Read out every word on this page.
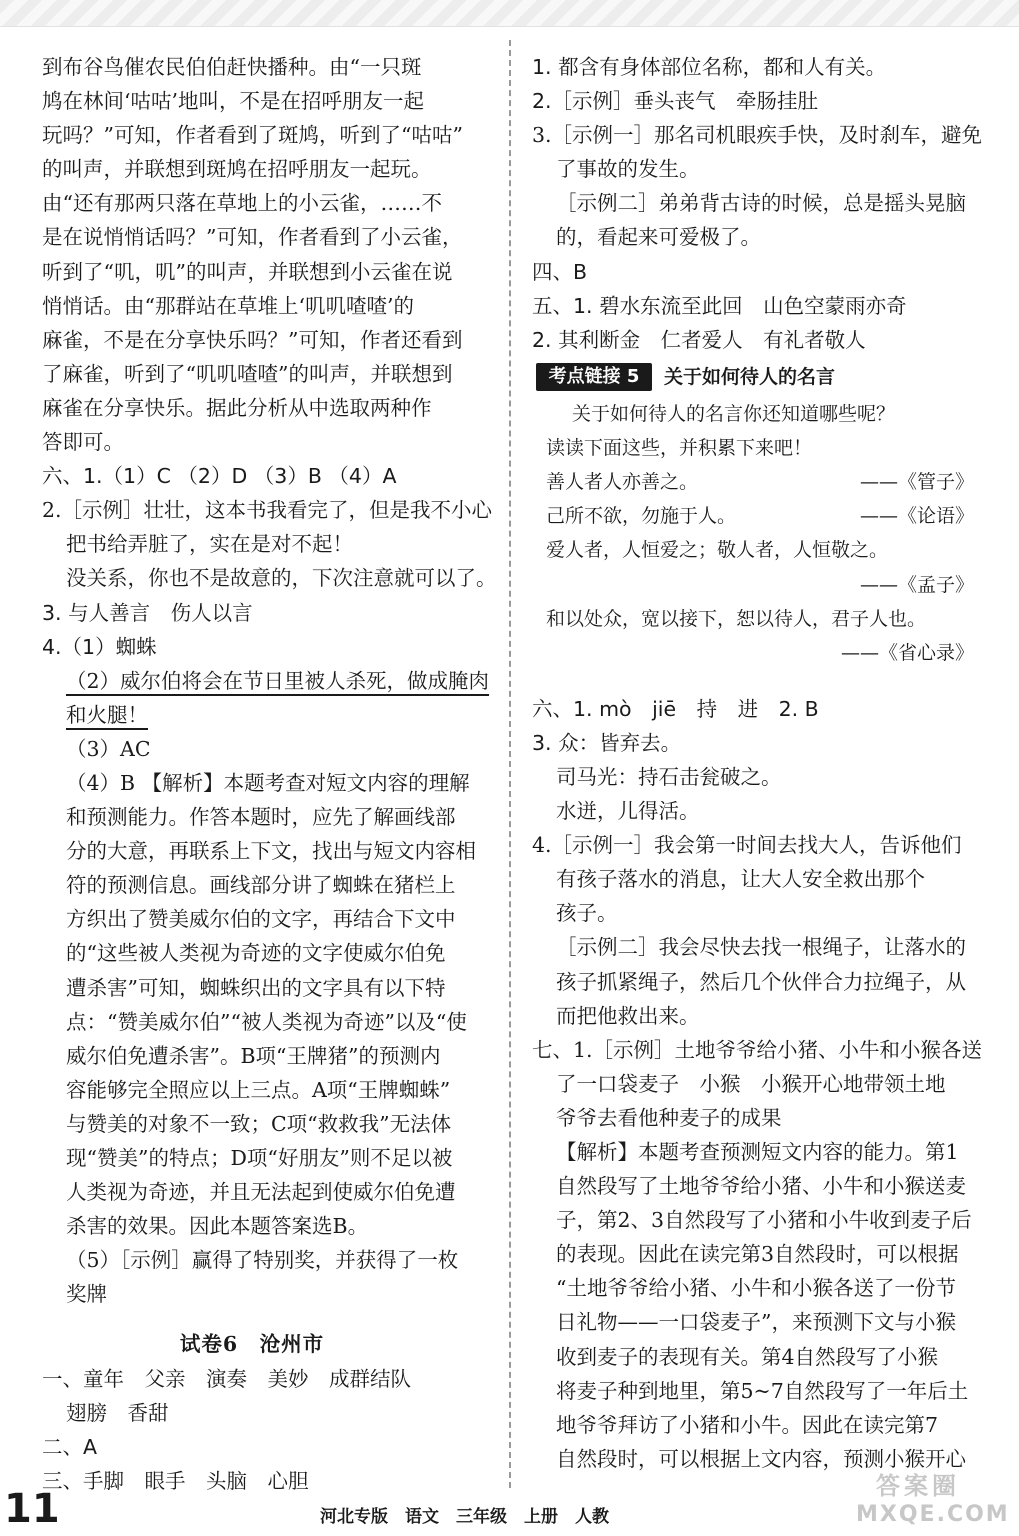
到布谷鸟催农民伯伯赶快播种。由“一只斑

鸠在林间‘咕咕’地叫，不是在招呼朋友一起

玩吗？”可知，作者看到了斑鸠，听到了“咕咕”

的叫声，并联想到斑鸠在招呼朋友一起玩。

由“还有那两只落在草地上的小云雀，……不

是在说悄悄话吗？”可知，作者看到了小云雀，

听到了“叽，叽”的叫声，并联想到小云雀在说

悄悄话。由“那群站在草堆上‘叽叽喳喳’的

麻雀，不是在分享快乐吗？”可知，作者还看到

了麻雀，听到了“叽叽喳喳”的叫声，并联想到

麻雀在分享快乐。据此分析从中选取两种作

答即可。

六、1.（1）C （2）D （3）B （4）A

2.［示例］壮壮，这本书我看完了，但是我不小心

把书给弄脏了，实在是对不起！

没关系，你也不是故意的，下次注意就可以了。

3. 与人善言　伤人以言

4.（1）蜘蛛

（2）威尔伯将会在节日里被人杀死，做成腌肉

和火腿！

（3）AC

（4）B 【解析】本题考查对短文内容的理解

和预测能力。作答本题时，应先了解画线部

分的大意，再联系上下文，找出与短文内容相

符的预测信息。画线部分讲了蜘蛛在猪栏上

方织出了赞美威尔伯的文字，再结合下文中

的“这些被人类视为奇迹的文字使威尔伯免

遭杀害”可知，蜘蛛织出的文字具有以下特

点：“赞美威尔伯”“被人类视为奇迹”以及“使

威尔伯免遭杀害”。B项“王牌猪”的预测内

容能够完全照应以上三点。A项“王牌蜘蛛”

与赞美的对象不一致；C项“救救我”无法体

现“赞美”的特点；D项“好朋友”则不足以被

人类视为奇迹，并且无法起到使威尔伯免遭

杀害的效果。因此本题答案选B。

（5）［示例］赢得了特别奖，并获得了一枚

奖牌

试卷6　沧州市

一、童年　父亲　演奏　美妙　成群结队

翅膀　香甜

二、A

三、手脚　眼手　头脑　心胆

1. 都含有身体部位名称，都和人有关。

2.［示例］垂头丧气　牵肠挂肚

3.［示例一］那名司机眼疾手快，及时刹车，避免

了事故的发生。

［示例二］弟弟背古诗的时候，总是摇头晃脑

的，看起来可爱极了。

四、B

五、1. 碧水东流至此回　山色空蒙雨亦奇

2. 其利断金　仁者爱人　有礼者敬人

考点链接 5	关于如何待人的名言

关于如何待人的名言你还知道哪些呢？

读读下面这些，并积累下来吧！

善人者人亦善之。	——《管子》

己所不欲，勿施于人。	——《论语》

爱人者，人恒爱之；敬人者，人恒敬之。

——《孟子》

和以处众，宽以接下，恕以待人，君子人也。

——《省心录》

六、1. mò　jiē　持　进　2. B

3. 众：皆弃去。

司马光：持石击瓮破之。

水迸，儿得活。

4.［示例一］我会第一时间去找大人，告诉他们

有孩子落水的消息，让大人安全救出那个

孩子。

［示例二］我会尽快去找一根绳子，让落水的

孩子抓紧绳子，然后几个伙伴合力拉绳子，从

而把他救出来。

七、1.［示例］土地爷爷给小猪、小牛和小猴各送

了一口袋麦子　小猴　小猴开心地带领土地

爷爷去看他种麦子的成果

【解析】本题考查预测短文内容的能力。第1

自然段写了土地爷爷给小猪、小牛和小猴送麦

子，第2、3自然段写了小猪和小牛收到麦子后

的表现。因此在读完第3自然段时，可以根据

“土地爷爷给小猪、小牛和小猴各送了一份节

日礼物——一口袋麦子”，来预测下文与小猴

收到麦子的表现有关。第4自然段写了小猴

将麦子种到地里，第5~7自然段写了一年后土

地爷爷拜访了小猪和小牛。因此在读完第7

自然段时，可以根据上文内容，预测小猴开心

11	河北专版　语文　三年级　上册　人教
答案圈
MXQE.COM
